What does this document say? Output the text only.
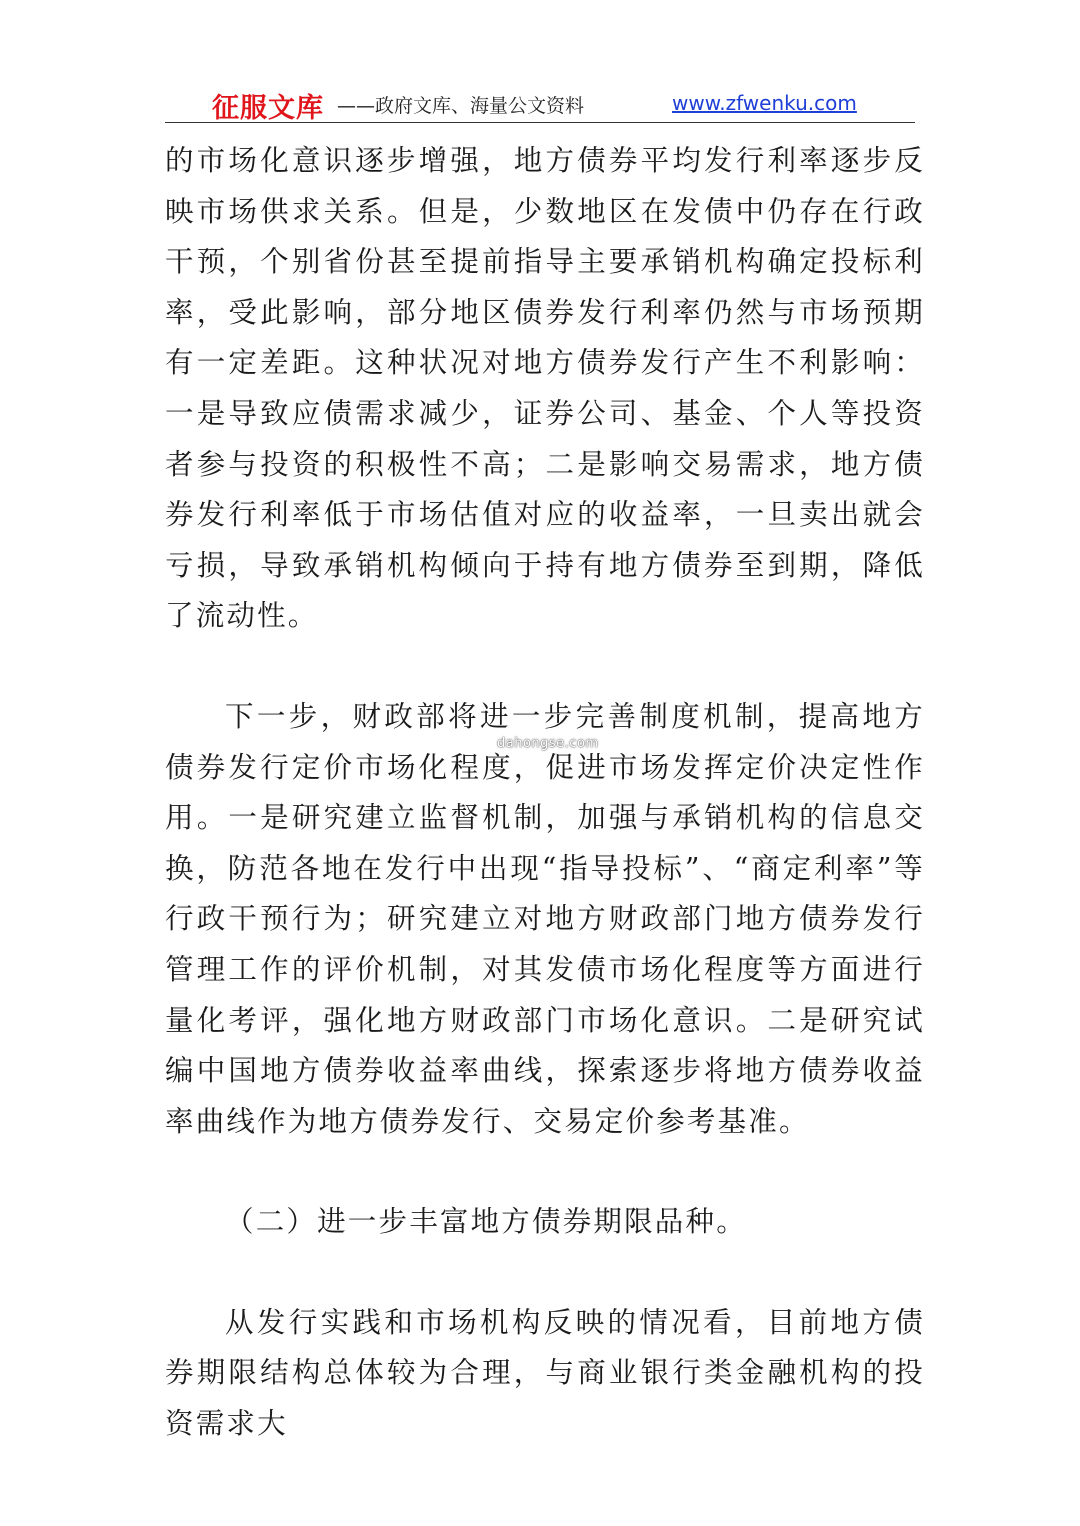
征服文库 ——政府文库、海量公文资料	www.zfwenku.com

的市场化意识逐步增强，地方债券平均发行利率逐步反映市场供求关系。但是，少数地区在发债中仍存在行政干预，个别省份甚至提前指导主要承销机构确定投标利率，受此影响，部分地区债券发行利率仍然与市场预期有一定差距。这种状况对地方债券发行产生不利影响：一是导致应债需求减少，证券公司、基金、个人等投资者参与投资的积极性不高；二是影响交易需求，地方债券发行利率低于市场估值对应的收益率，一旦卖出就会亏损，导致承销机构倾向于持有地方债券至到期，降低了流动性。

下一步，财政部将进一步完善制度机制，提高地方债券发行定价市场化程度，促进市场发挥定价决定性作用。一是研究建立监督机制，加强与承销机构的信息交换，防范各地在发行中出现“指导投标”、“商定利率”等行政干预行为；研究建立对地方财政部门地方债券发行管理工作的评价机制，对其发债市场化程度等方面进行量化考评，强化地方财政部门市场化意识。二是研究试编中国地方债券收益率曲线，探索逐步将地方债券收益率曲线作为地方债券发行、交易定价参考基准。

（二）进一步丰富地方债券期限品种。

从发行实践和市场机构反映的情况看，目前地方债券期限结构总体较为合理，与商业银行类金融机构的投资需求大

dahongse.com
